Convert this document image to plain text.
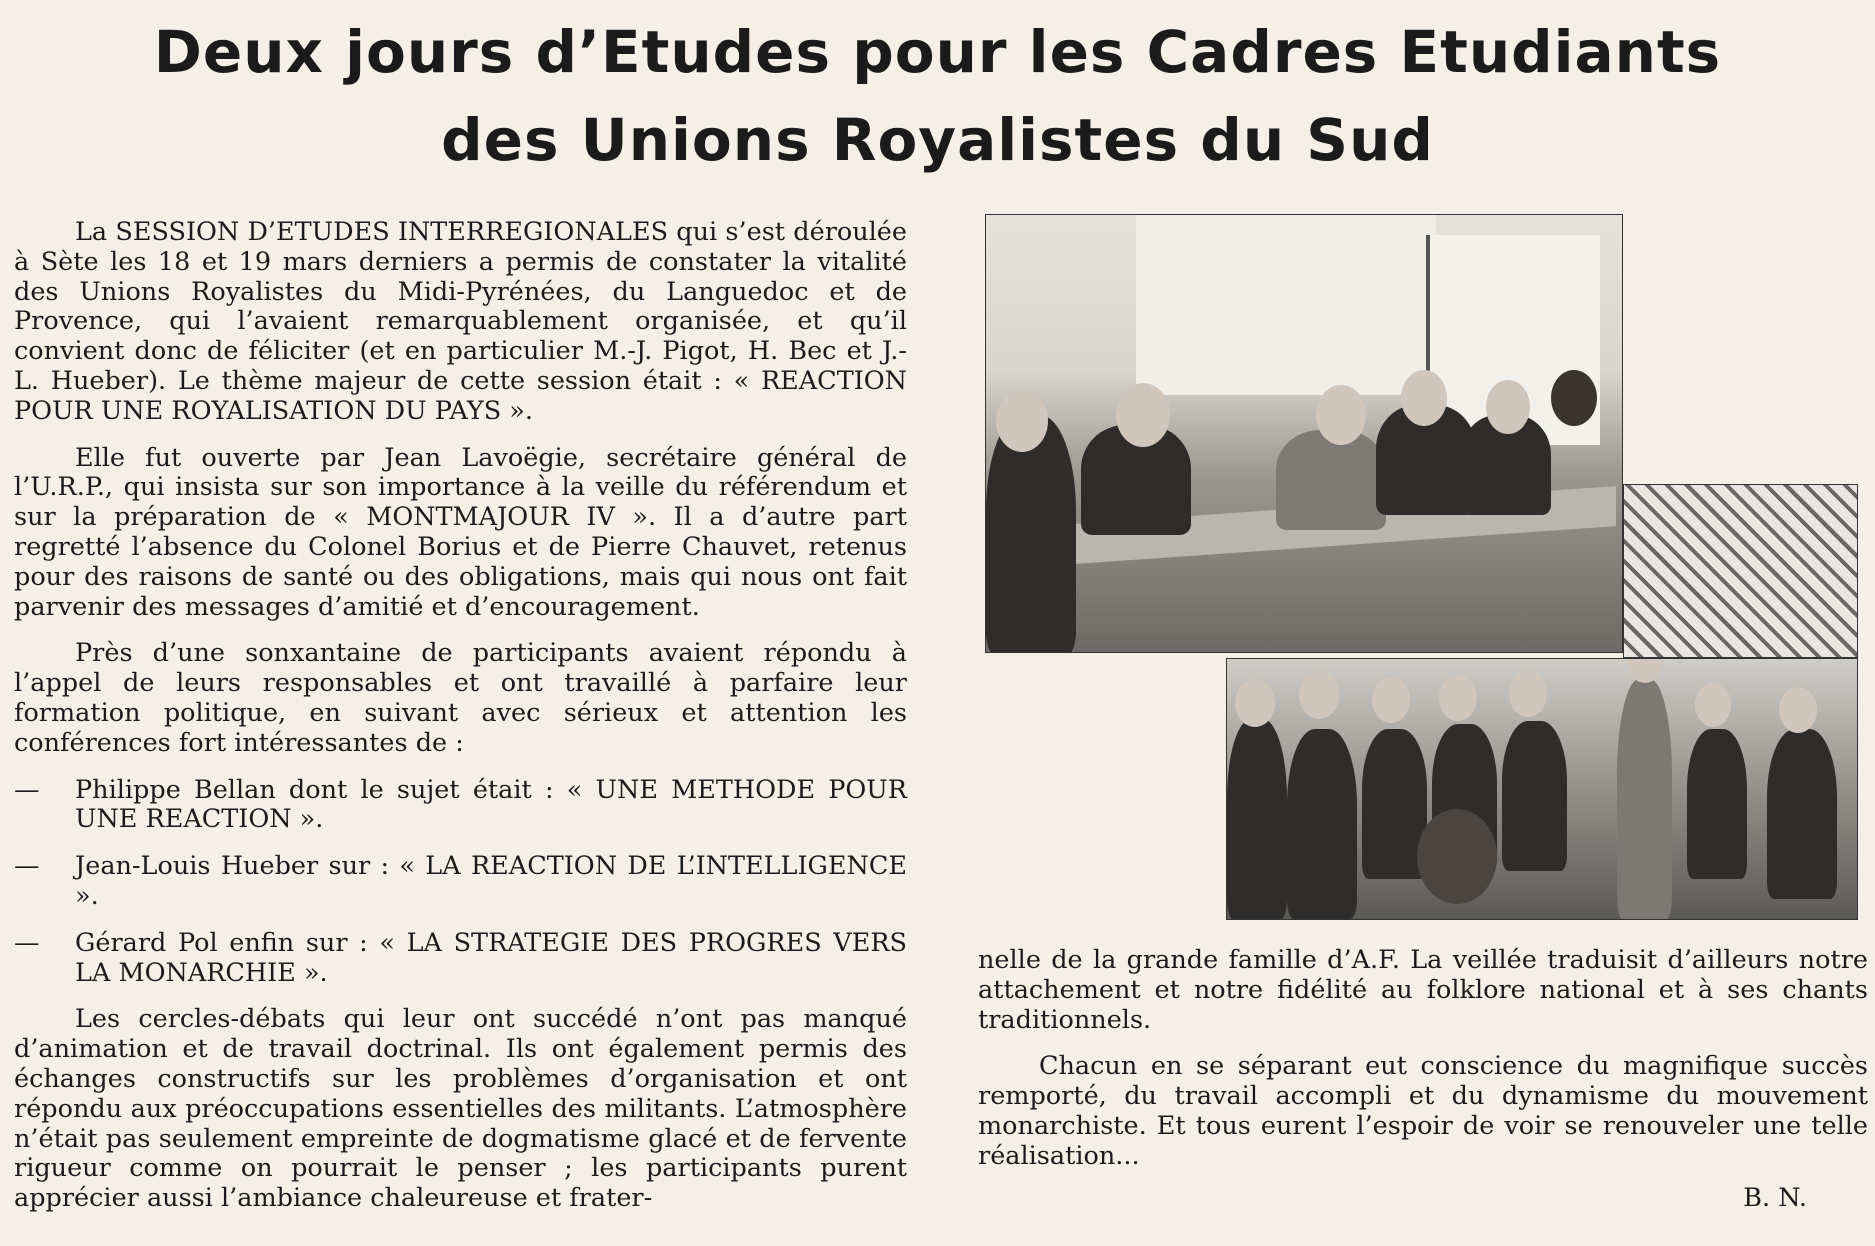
Deux jours d’Etudes pour les Cadres Etudiants
des Unions Royalistes du Sud

La SESSION D’ETUDES INTERREGIONALES qui s’est déroulée à Sète les 18 et 19 mars derniers a permis de constater la vitalité des Unions Royalistes du Midi-Pyrénées, du Languedoc et de Provence, qui l’avaient remarquablement organisée, et qu’il convient donc de féliciter (et en particulier M.-J. Pigot, H. Bec et J.-L. Hueber). Le thème majeur de cette session était : « REACTION POUR UNE ROYALISATION DU PAYS ».

Elle fut ouverte par Jean Lavoëgie, secrétaire général de l’U.R.P., qui insista sur son importance à la veille du référendum et sur la préparation de « MONTMAJOUR IV ». Il a d’autre part regretté l’absence du Colonel Borius et de Pierre Chauvet, retenus pour des raisons de santé ou des obligations, mais qui nous ont fait parvenir des messages d’amitié et d’encouragement.

Près d’une sonxantaine de participants avaient répondu à l’appel de leurs responsables et ont travaillé à parfaire leur formation politique, en suivant avec sérieux et attention les conférences fort intéressantes de :

—	Philippe Bellan dont le sujet était : « UNE METHODE POUR UNE REACTION ».
—	Jean-Louis Hueber sur : « LA REACTION DE L’INTELLIGENCE ».
—	Gérard Pol enfin sur : « LA STRATEGIE DES PROGRES VERS LA MONARCHIE ».

Les cercles-débats qui leur ont succédé n’ont pas manqué d’animation et de travail doctrinal. Ils ont également permis des échanges constructifs sur les problèmes d’organisation et ont répondu aux préoccupations essentielles des militants. L’atmosphère n’était pas seulement empreinte de dogmatisme glacé et de fervente rigueur comme on pourrait le penser ; les participants purent apprécier aussi l’ambiance chaleureuse et frater-

nelle de la grande famille d’A.F. La veillée traduisit d’ailleurs notre attachement et notre fidélité au folklore national et à ses chants traditionnels.

Chacun en se séparant eut conscience du magnifique succès remporté, du travail accompli et du dynamisme du mouvement monarchiste. Et tous eurent l’espoir de voir se renouveler une telle réalisation...

B. N.
